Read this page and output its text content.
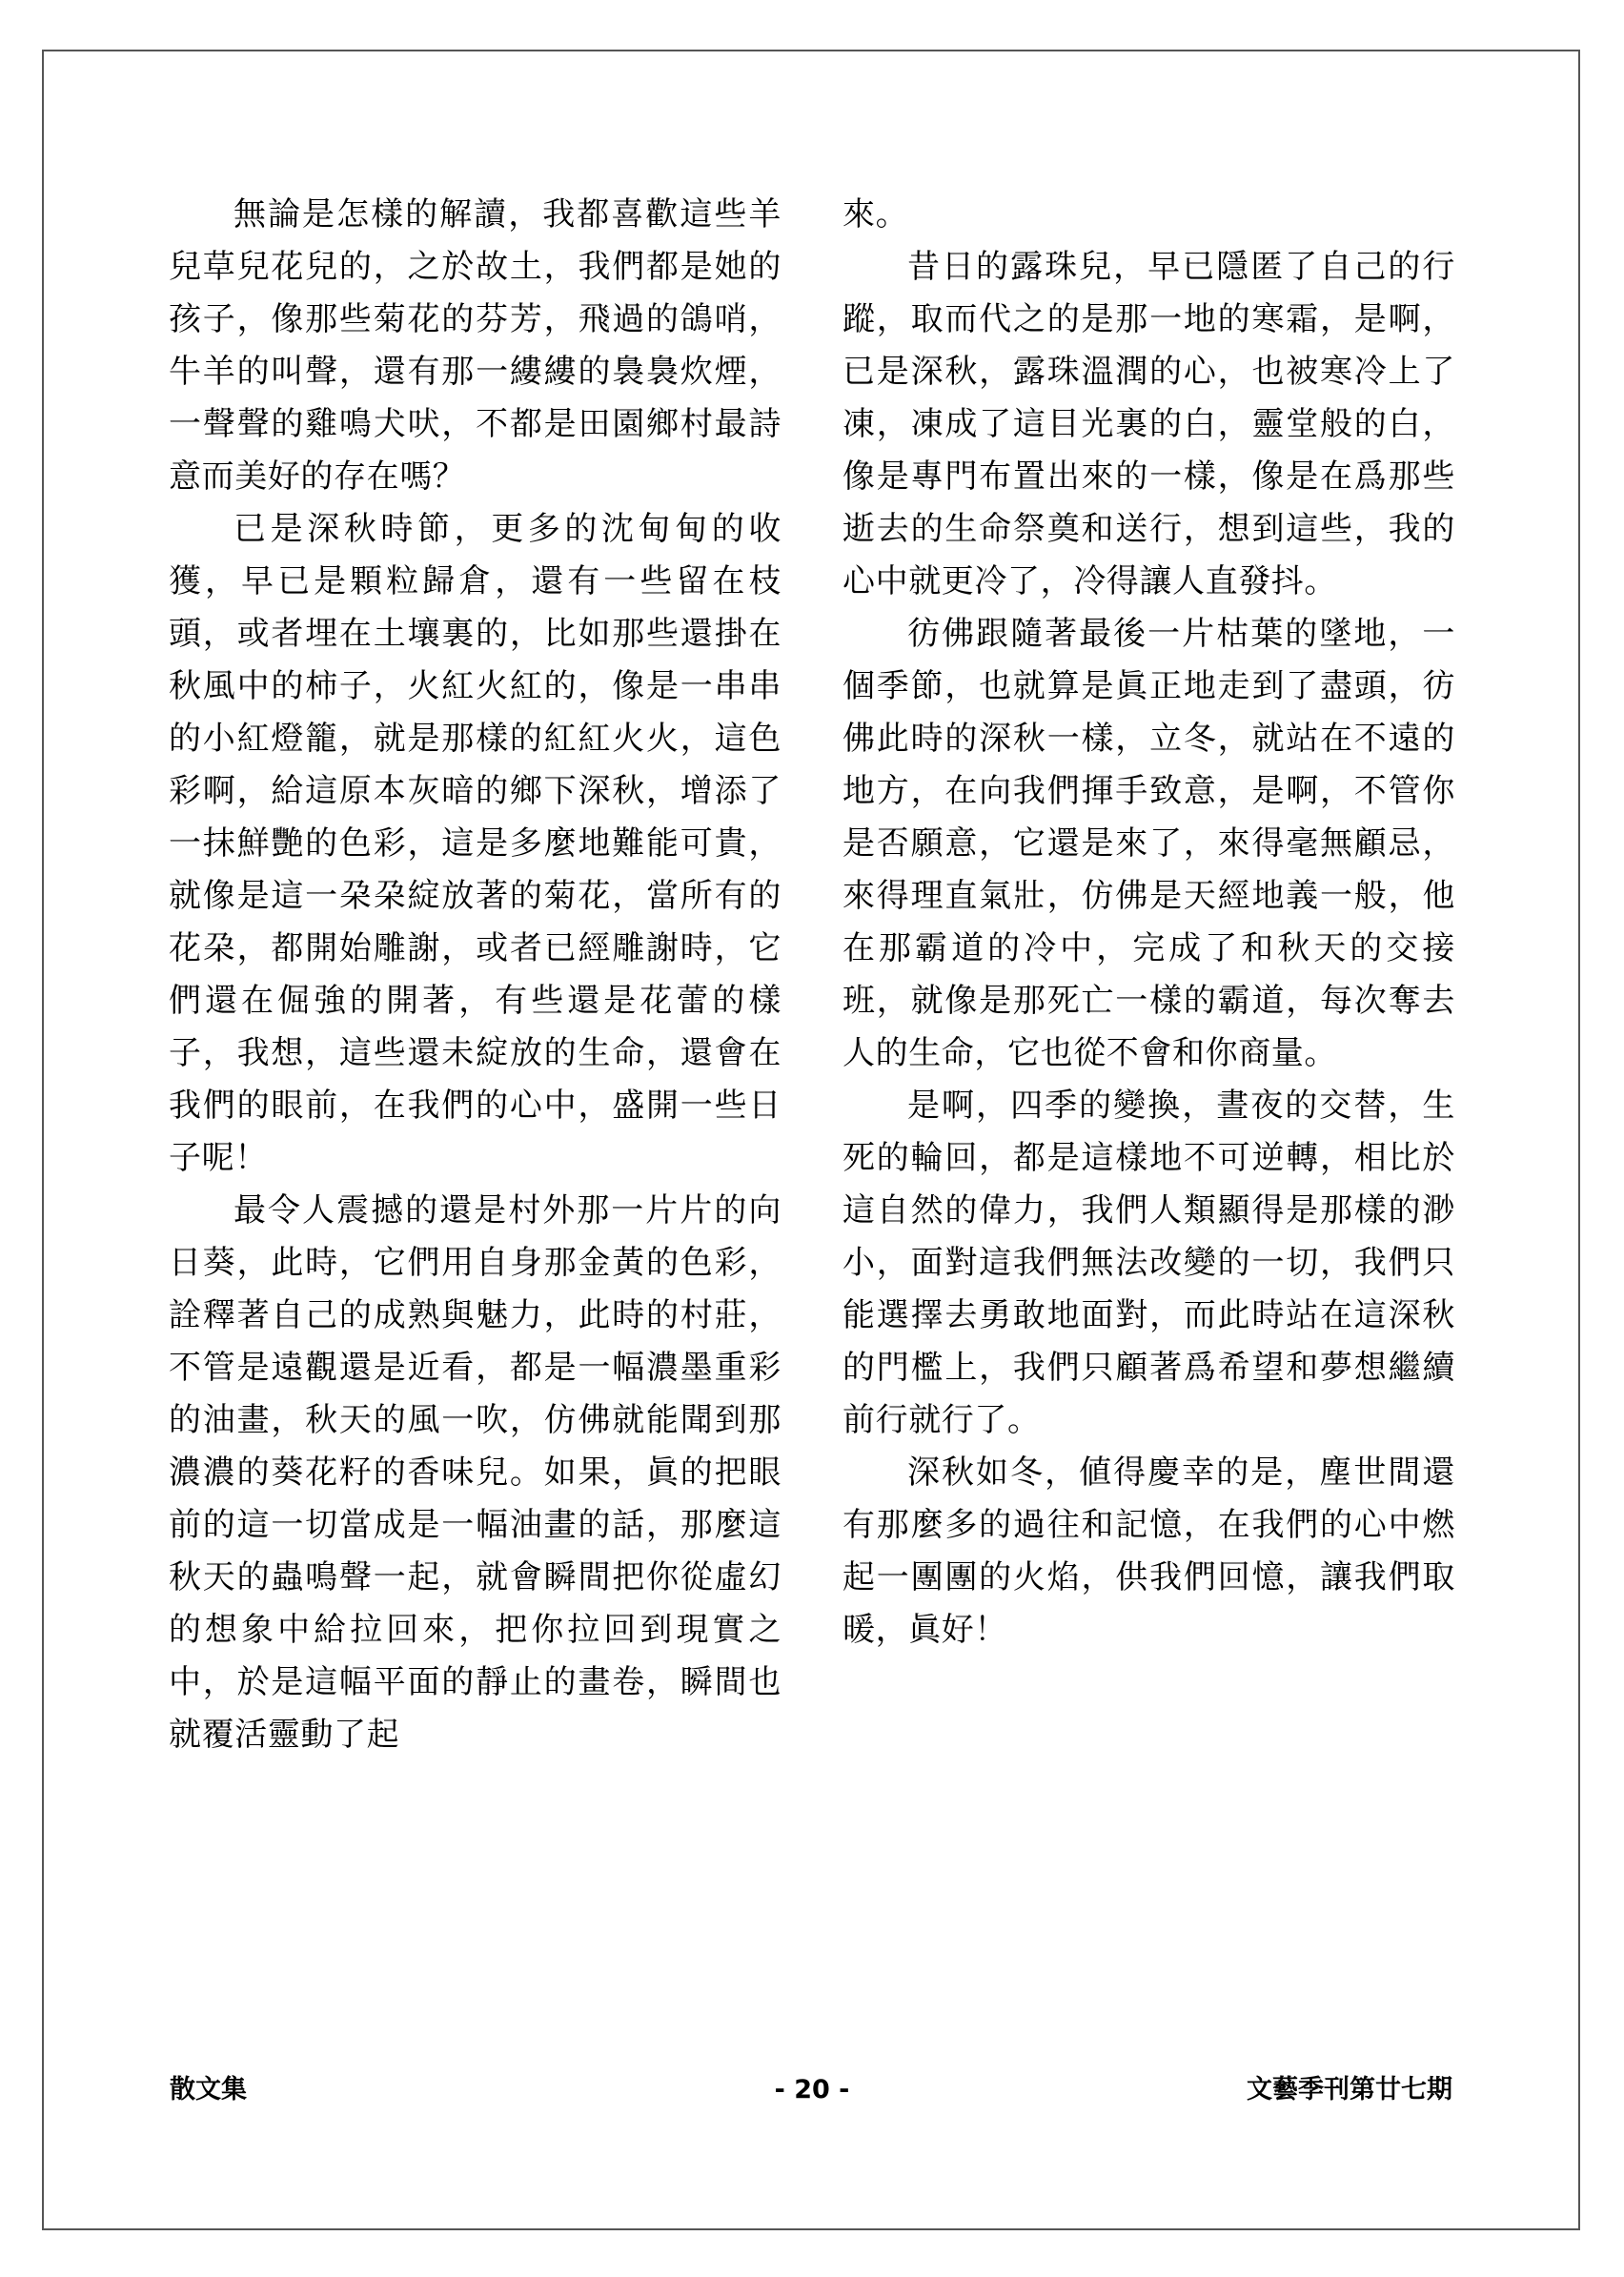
無論是怎樣的解讀，我都喜歡這些羊兒草兒花兒的，之於故土，我們都是她的孩子，像那些菊花的芬芳，飛過的鴿哨，牛羊的叫聲，還有那一縷縷的裊裊炊煙，一聲聲的雞鳴犬吠，不都是田園鄉村最詩意而美好的存在嗎？

已是深秋時節，更多的沈甸甸的收獲，早已是顆粒歸倉，還有一些留在枝頭，或者埋在土壤裏的，比如那些還掛在秋風中的柿子，火紅火紅的，像是一串串的小紅燈籠，就是那樣的紅紅火火，這色彩啊，給這原本灰暗的鄉下深秋，增添了一抹鮮艷的色彩，這是多麼地難能可貴，就像是這一朶朶綻放著的菊花，當所有的花朶，都開始雕謝，或者已經雕謝時，它們還在倔強的開著，有些還是花蕾的樣子，我想，這些還未綻放的生命，還會在我們的眼前，在我們的心中，盛開一些日子呢！

最令人震撼的還是村外那一片片的向日葵，此時，它們用自身那金黃的色彩，詮釋著自己的成熟與魅力，此時的村莊，不管是遠觀還是近看，都是一幅濃墨重彩的油畫，秋天的風一吹，仿佛就能聞到那濃濃的葵花籽的香味兒。如果，眞的把眼前的這一切當成是一幅油畫的話，那麼這秋天的蟲鳴聲一起，就會瞬間把你從虛幻的想象中給拉回來，把你拉回到現實之中，於是這幅平面的靜止的畫卷，瞬間也就覆活靈動了起

來。

昔日的露珠兒，早已隱匿了自己的行蹤，取而代之的是那一地的寒霜，是啊，已是深秋，露珠溫潤的心，也被寒冷上了凍，凍成了這目光裏的白，靈堂般的白，像是專門布置出來的一樣，像是在爲那些逝去的生命祭奠和送行，想到這些，我的心中就更冷了，冷得讓人直發抖。

彷佛跟隨著最後一片枯葉的墜地，一個季節，也就算是眞正地走到了盡頭，彷佛此時的深秋一樣，立冬，就站在不遠的地方，在向我們揮手致意，是啊，不管你是否願意，它還是來了，來得毫無顧忌，來得理直氣壯，仿佛是天經地義一般，他在那霸道的冷中，完成了和秋天的交接班，就像是那死亡一樣的霸道，每次奪去人的生命，它也從不會和你商量。

是啊，四季的變換，晝夜的交替，生死的輪回，都是這樣地不可逆轉，相比於這自然的偉力，我們人類顯得是那樣的渺小，面對這我們無法改變的一切，我們只能選擇去勇敢地面對，而此時站在這深秋的門檻上，我們只顧著爲希望和夢想繼續前行就行了。

深秋如冬，値得慶幸的是，塵世間還有那麼多的過往和記憶，在我們的心中燃起一團團的火焰，供我們回憶，讓我們取暖，眞好！

散文集	- 20 -	文藝季刊第廿七期
